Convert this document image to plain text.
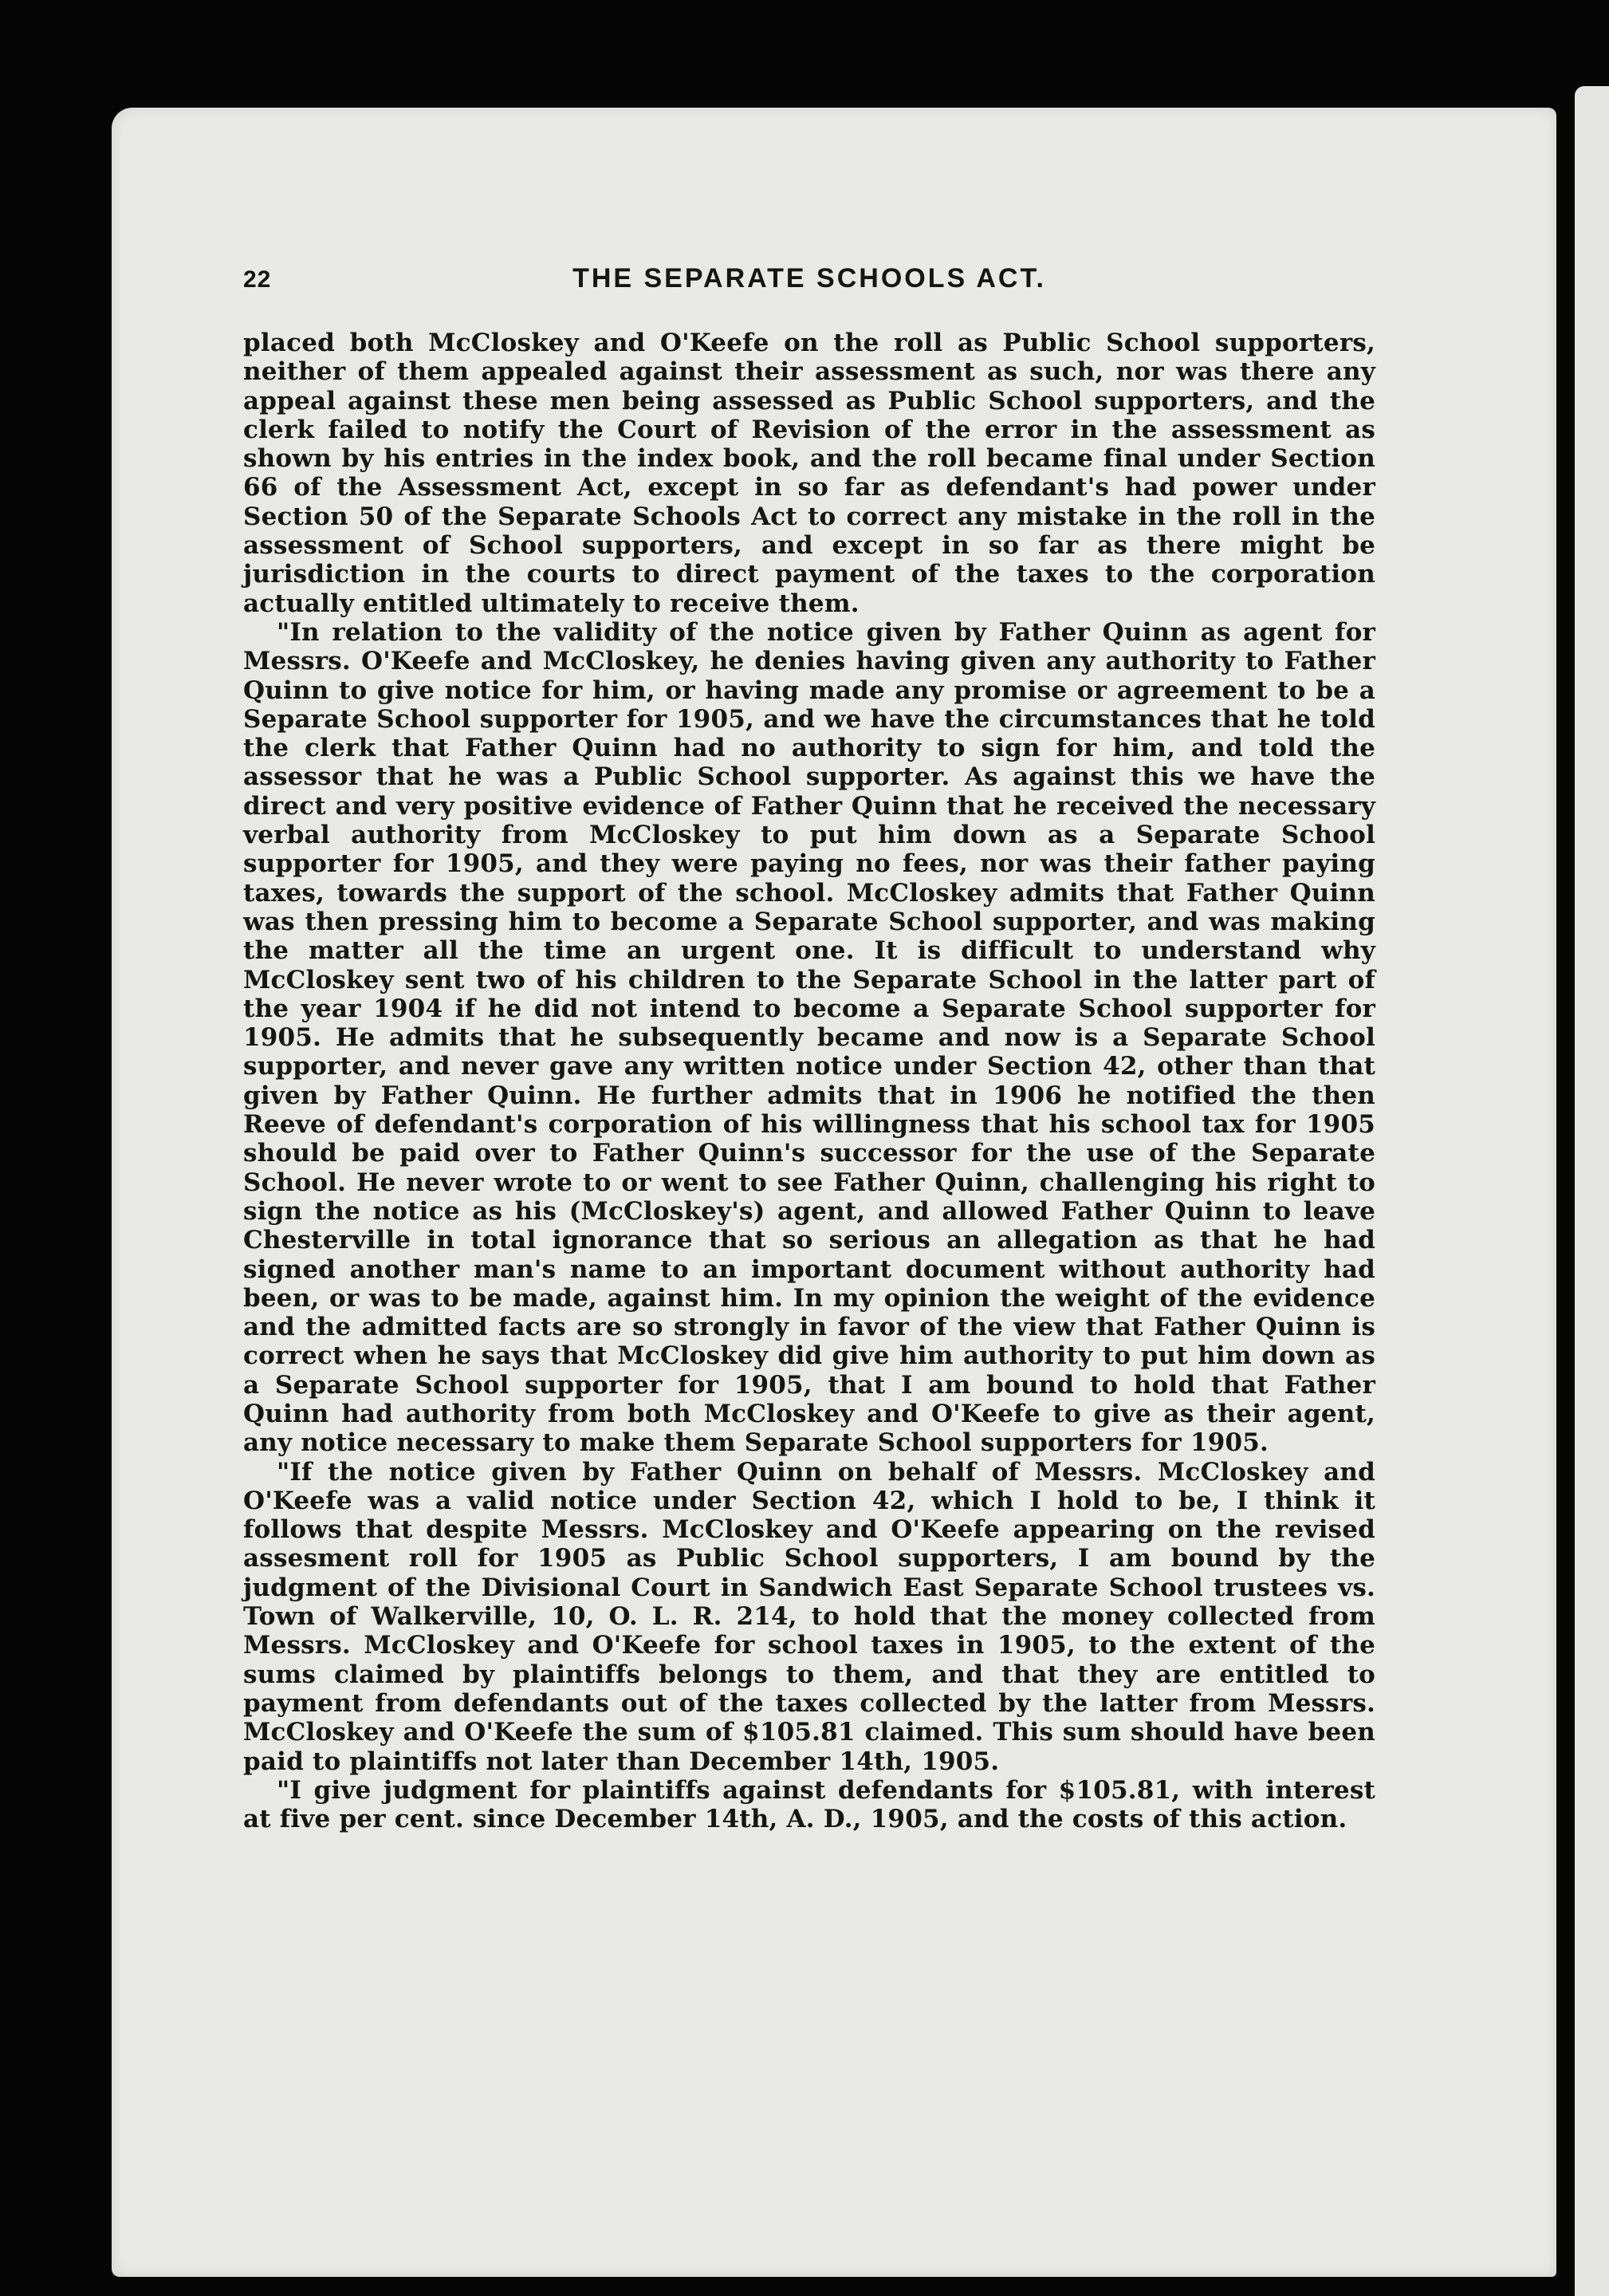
22	THE SEPARATE SCHOOLS ACT.

placed both McCloskey and O'Keefe on the roll as Public School supporters, neither of them appealed against their assessment as such, nor was there any appeal against these men being assessed as Public School supporters, and the clerk failed to notify the Court of Revision of the error in the assessment as shown by his entries in the index book, and the roll became final under Section 66 of the Assessment Act, except in so far as defendant's had power under Section 50 of the Separate Schools Act to correct any mistake in the roll in the assessment of School supporters, and except in so far as there might be jurisdiction in the courts to direct payment of the taxes to the corporation actually entitled ultimately to receive them.

"In relation to the validity of the notice given by Father Quinn as agent for Messrs. O'Keefe and McCloskey, he denies having given any authority to Father Quinn to give notice for him, or having made any promise or agreement to be a Separate School supporter for 1905, and we have the circumstances that he told the clerk that Father Quinn had no authority to sign for him, and told the assessor that he was a Public School supporter. As against this we have the direct and very positive evidence of Father Quinn that he received the necessary verbal authority from McCloskey to put him down as a Separate School supporter for 1905, and they were paying no fees, nor was their father paying taxes, towards the support of the school. McCloskey admits that Father Quinn was then pressing him to become a Separate School supporter, and was making the matter all the time an urgent one. It is difficult to understand why McCloskey sent two of his children to the Separate School in the latter part of the year 1904 if he did not intend to become a Separate School supporter for 1905. He admits that he subsequently became and now is a Separate School supporter, and never gave any written notice under Section 42, other than that given by Father Quinn. He further admits that in 1906 he notified the then Reeve of defendant's corporation of his willingness that his school tax for 1905 should be paid over to Father Quinn's successor for the use of the Separate School. He never wrote to or went to see Father Quinn, challenging his right to sign the notice as his (McCloskey's) agent, and allowed Father Quinn to leave Chesterville in total ignorance that so serious an allegation as that he had signed another man's name to an important document without authority had been, or was to be made, against him. In my opinion the weight of the evidence and the admitted facts are so strongly in favor of the view that Father Quinn is correct when he says that McCloskey did give him authority to put him down as a Separate School supporter for 1905, that I am bound to hold that Father Quinn had authority from both McCloskey and O'Keefe to give as their agent, any notice necessary to make them Separate School supporters for 1905.

"If the notice given by Father Quinn on behalf of Messrs. McCloskey and O'Keefe was a valid notice under Section 42, which I hold to be, I think it follows that despite Messrs. McCloskey and O'Keefe appearing on the revised assesment roll for 1905 as Public School supporters, I am bound by the judgment of the Divisional Court in Sandwich East Separate School trustees vs. Town of Walkerville, 10, O. L. R. 214, to hold that the money collected from Messrs. McCloskey and O'Keefe for school taxes in 1905, to the extent of the sums claimed by plaintiffs belongs to them, and that they are entitled to payment from defendants out of the taxes collected by the latter from Messrs. McCloskey and O'Keefe the sum of $105.81 claimed. This sum should have been paid to plaintiffs not later than December 14th, 1905.

"I give judgment for plaintiffs against defendants for $105.81, with interest at five per cent. since December 14th, A. D., 1905, and the costs of this action.
